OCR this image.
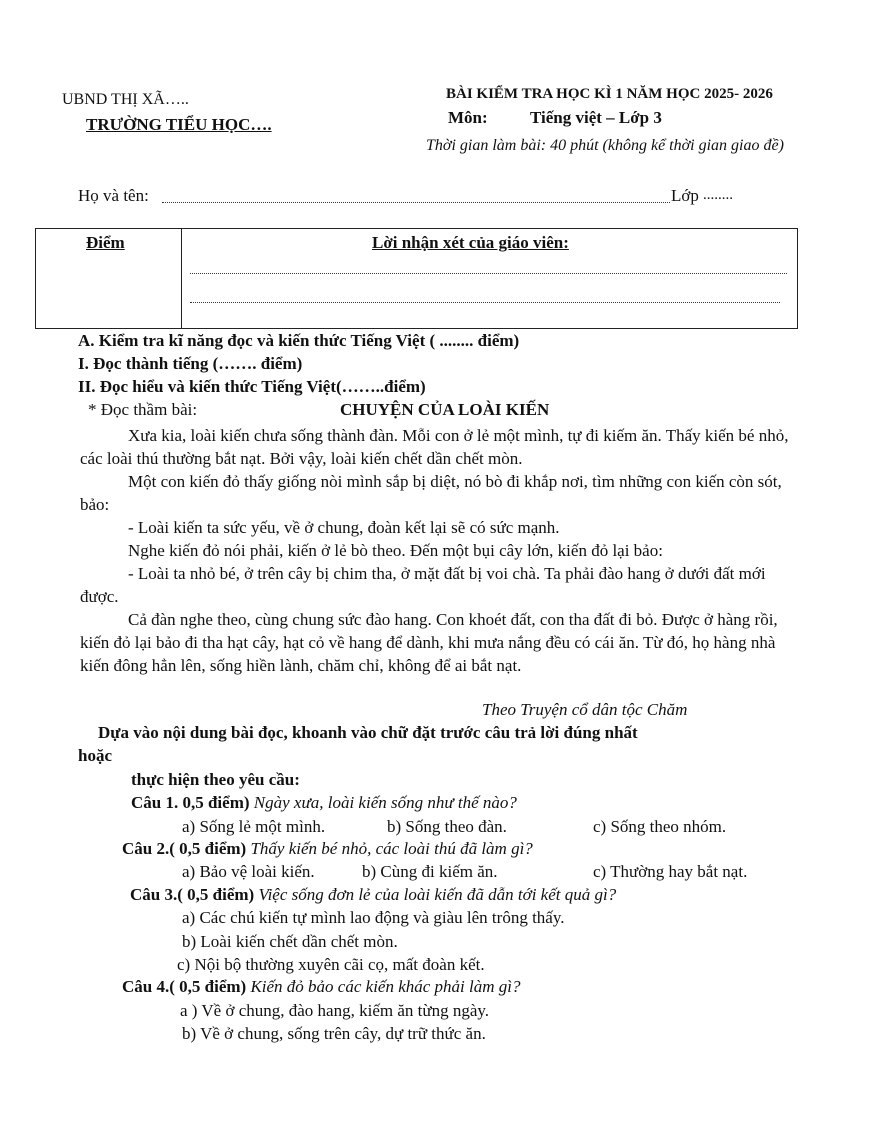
UBND THỊ XÃ…..
TRƯỜNG TIỂU HỌC….
BÀI KIỂM TRA HỌC KÌ 1 NĂM HỌC 2025- 2026
Môn: Tiếng việt – Lớp 3
Thời gian làm bài: 40 phút (không kể thời gian giao đề)
Họ và tên:	Lớp ........
Điểm	Lời nhận xét của giáo viên:
A. Kiểm tra kĩ năng đọc và kiến thức Tiếng Việt ( ........ điểm)
I. Đọc thành tiếng (……. điểm)
II. Đọc hiểu và kiến thức Tiếng Việt(……..điểm)
* Đọc thầm bài:	CHUYỆN CỦA LOÀI KIẾN
Xưa kia, loài kiến chưa sống thành đàn. Mỗi con ở lẻ một mình, tự đi kiếm ăn. Thấy kiến bé nhỏ, các loài thú thường bắt nạt. Bởi vậy, loài kiến chết dần chết mòn.
Một con kiến đỏ thấy giống nòi mình sắp bị diệt, nó bò đi khắp nơi, tìm những con kiến còn sót, bảo:
- Loài kiến ta sức yếu, về ở chung, đoàn kết lại sẽ có sức mạnh.
Nghe kiến đỏ nói phải, kiến ở lẻ bò theo. Đến một bụi cây lớn, kiến đỏ lại bảo:
- Loài ta nhỏ bé, ở trên cây bị chim tha, ở mặt đất bị voi chà. Ta phải đào hang ở dưới đất mới được.
Cả đàn nghe theo, cùng chung sức đào hang. Con khoét đất, con tha đất đi bỏ. Được ở hàng rồi, kiến đỏ lại bảo đi tha hạt cây, hạt cỏ về hang để dành, khi mưa nắng đều có cái ăn. Từ đó, họ hàng nhà kiến đông hẳn lên, sống hiền lành, chăm chỉ, không để ai bắt nạt.
Theo Truyện cổ dân tộc Chăm
Dựa vào nội dung bài đọc, khoanh vào chữ đặt trước câu trả lời đúng nhất
hoặc
thực hiện theo yêu cầu:
Câu 1. 0,5 điểm) Ngày xưa, loài kiến sống như thế nào?
a) Sống lẻ một mình.	b) Sống theo đàn.	c) Sống theo nhóm.
Câu 2.( 0,5 điểm) Thấy kiến bé nhỏ, các loài thú đã làm gì?
a) Bảo vệ loài kiến.	b) Cùng đi kiếm ăn.	c) Thường hay bắt nạt.
Câu 3.( 0,5 điểm) Việc sống đơn lẻ của loài kiến đã dẫn tới kết quả gì?
a) Các chú kiến tự mình lao động và giàu lên trông thấy.
b) Loài kiến chết dần chết mòn.
c) Nội bộ thường xuyên cãi cọ, mất đoàn kết.
Câu 4.( 0,5 điểm) Kiến đỏ bảo các kiến khác phải làm gì?
a ) Về ở chung, đào hang, kiếm ăn từng ngày.
b) Về ở chung, sống trên cây, dự trữ thức ăn.
